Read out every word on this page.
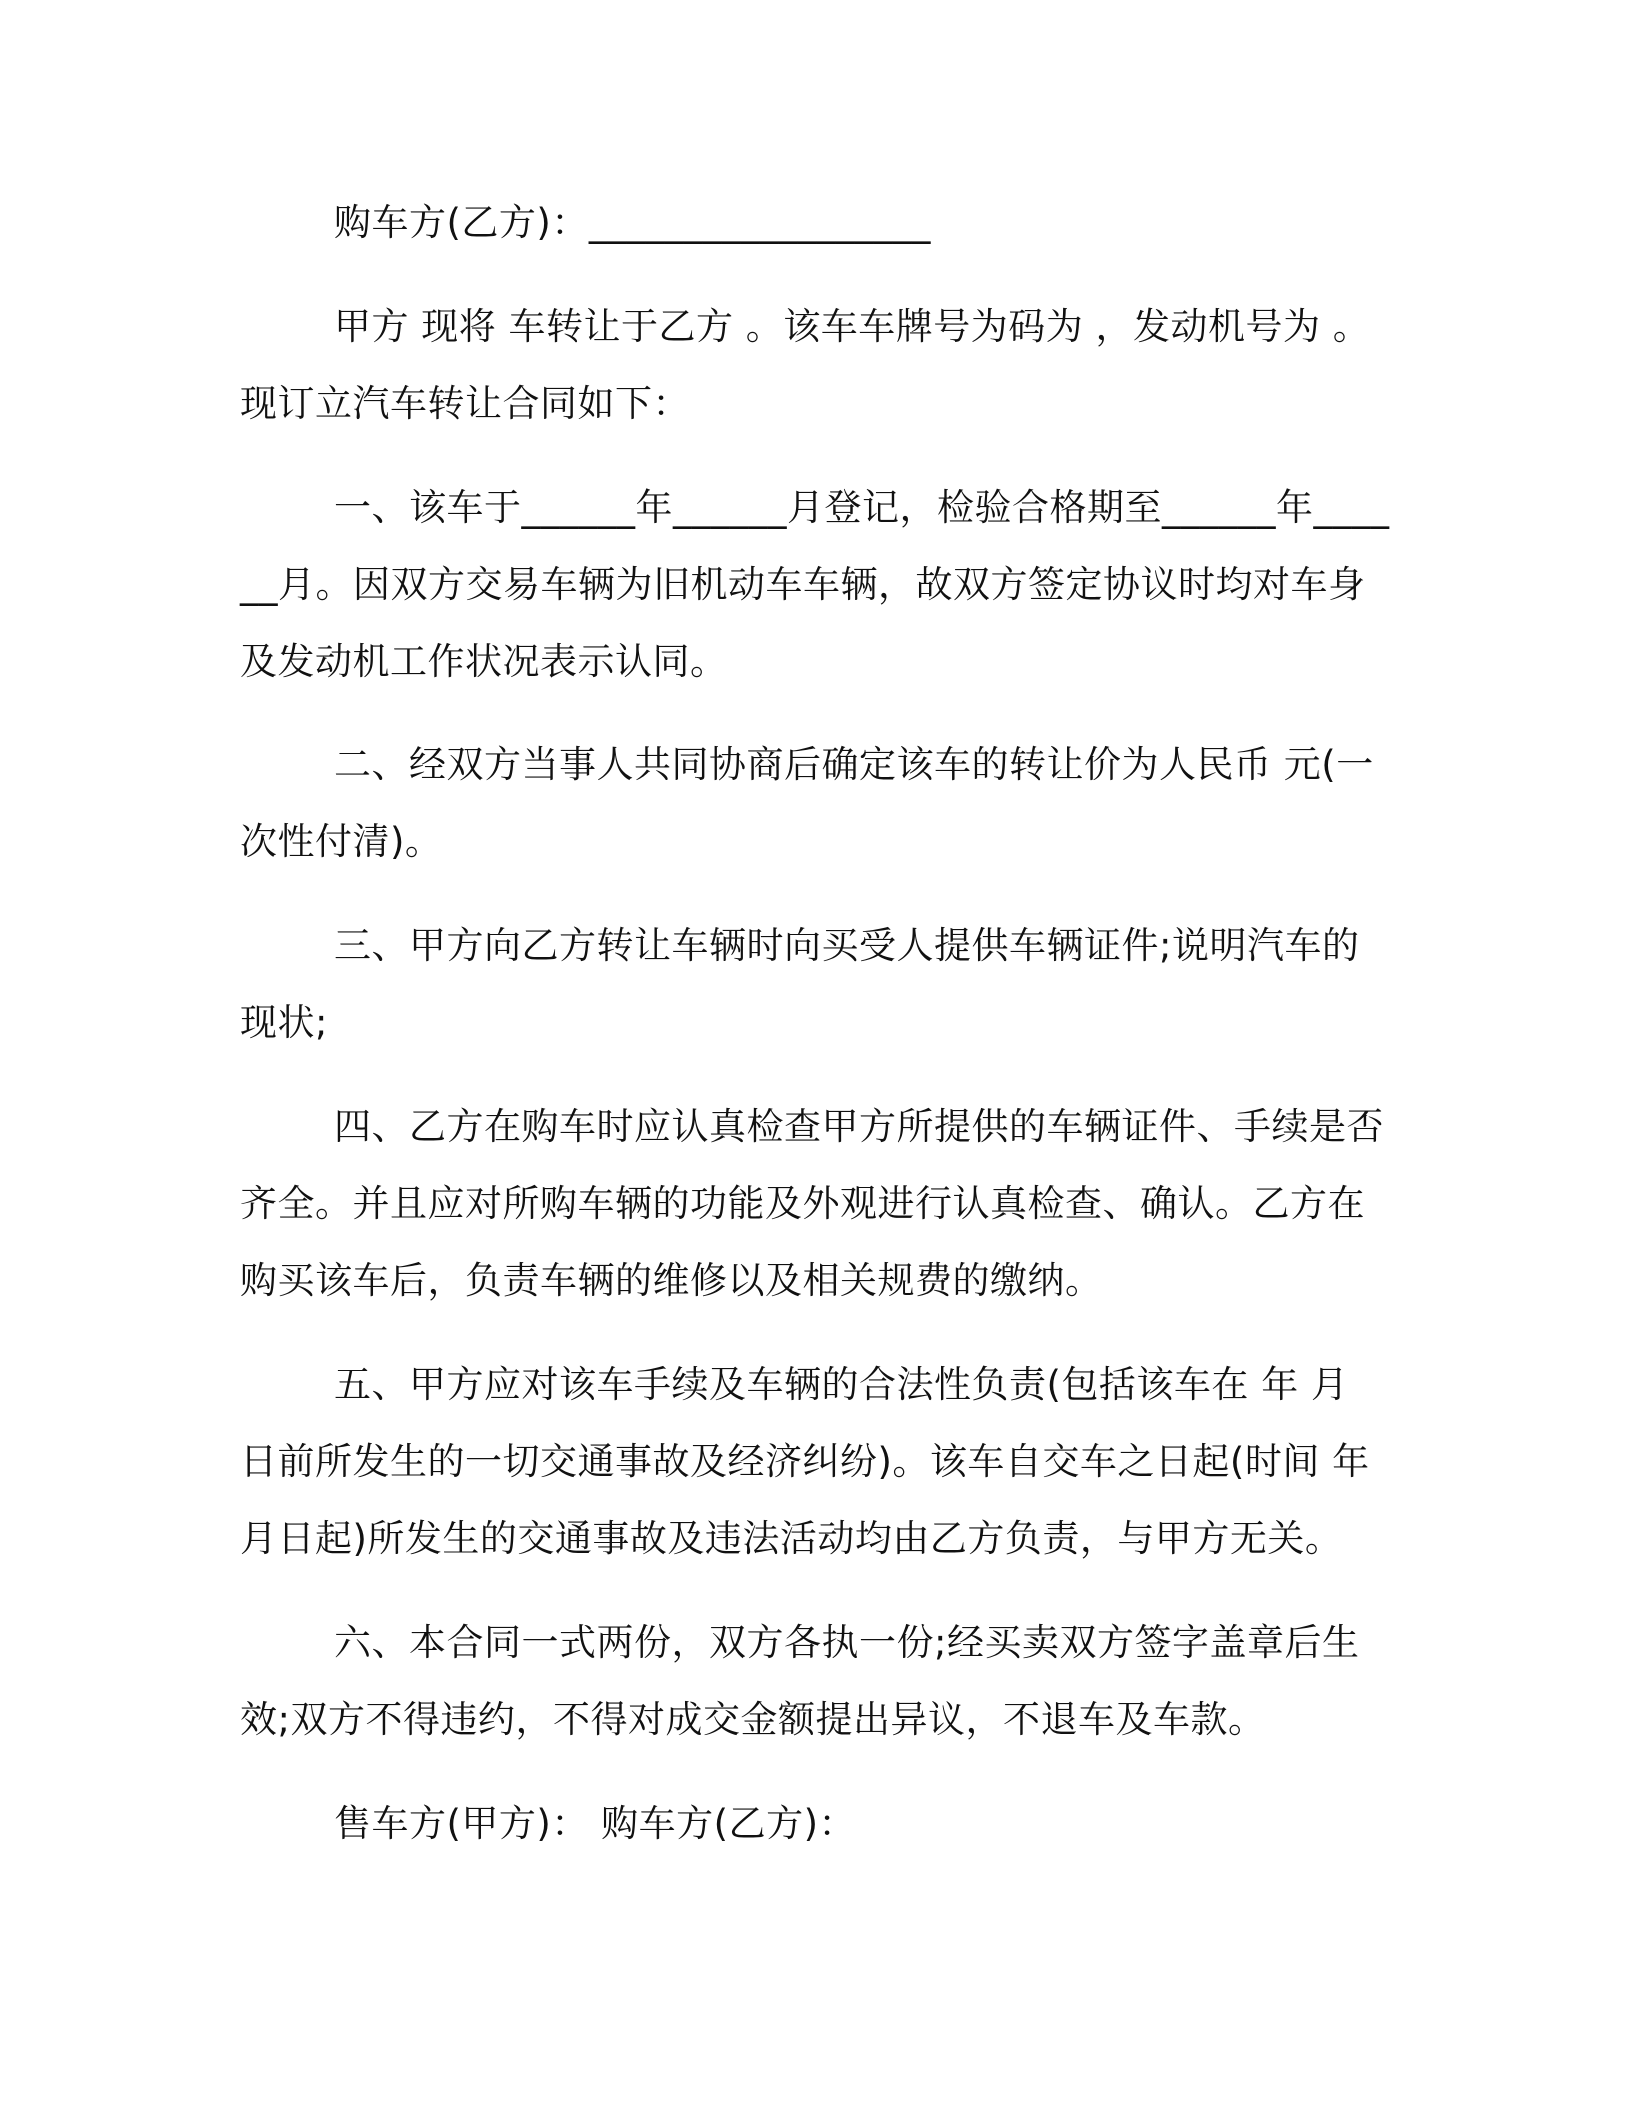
购车方(乙方)：__________________

甲方 现将 车转让于乙方 。该车车牌号为码为 ，发动机号为 。现订立汽车转让合同如下：

一、该车于______年______月登记，检验合格期至______年______月。因双方交易车辆为旧机动车车辆，故双方签定协议时均对车身及发动机工作状况表示认同。

二、经双方当事人共同协商后确定该车的转让价为人民币 元(一次性付清)。

三、甲方向乙方转让车辆时向买受人提供车辆证件;说明汽车的现状;

四、乙方在购车时应认真检查甲方所提供的车辆证件、手续是否齐全。并且应对所购车辆的功能及外观进行认真检查、确认。乙方在购买该车后，负责车辆的维修以及相关规费的缴纳。

五、甲方应对该车手续及车辆的合法性负责(包括该车在 年 月 日前所发生的一切交通事故及经济纠纷)。该车自交车之日起(时间 年 月日起)所发生的交通事故及违法活动均由乙方负责，与甲方无关。

六、本合同一式两份，双方各执一份;经买卖双方签字盖章后生效;双方不得违约，不得对成交金额提出异议，不退车及车款。

售车方(甲方)： 购车方(乙方)：
